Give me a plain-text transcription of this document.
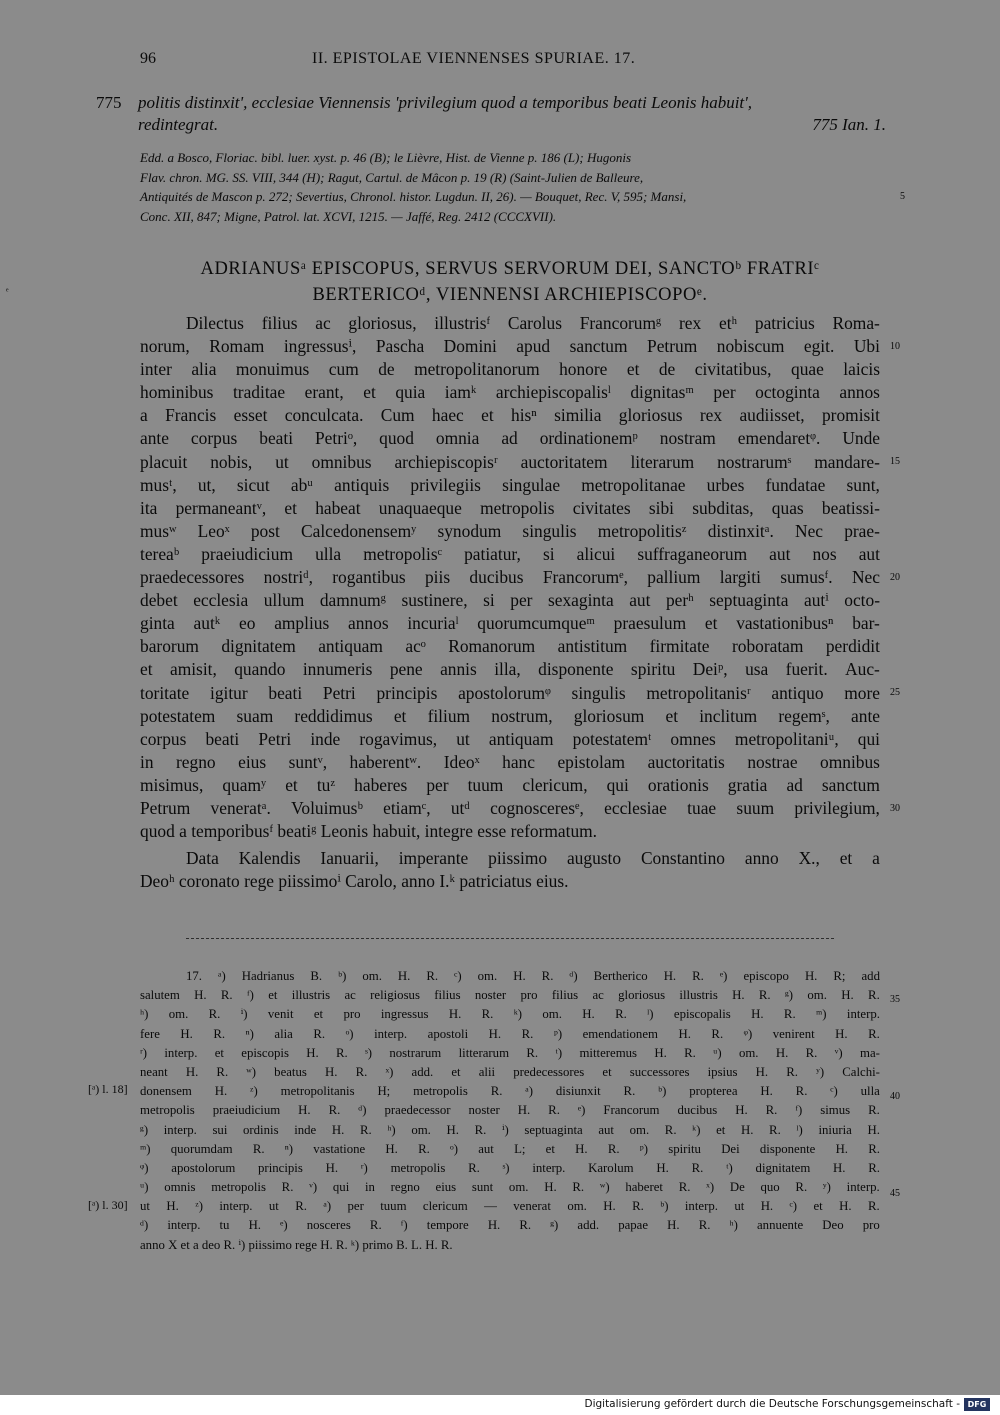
96	II. EPISTOLAE VIENNENSES SPURIAE. 17.
775 politis distinxit', ecclesiae Viennensis 'privilegium quod a temporibus beati Leonis habuit',
redintegrat.	775 Ian. 1.
Edd. a Bosco, Floriac. bibl. luer. xyst. p. 46 (B); le Lièvre, Hist. de Vienne p. 186 (L); Hugonis
Flav. chron. MG. SS. VIII, 344 (H); Ragut, Cartul. de Mâcon p. 19 (R) (Saint-Julien de Balleure,
Antiquités de Mascon p. 272; Severtius, Chronol. histor. Lugdun. II, 26). — Bouquet, Rec. V, 595; Mansi,
Conc. XII, 847; Migne, Patrol. lat. XCVI, 1215. — Jaffé, Reg. 2412 (CCCXVII).
5
ADRIANUSᵃ EPISCOPUS, SERVUS SERVORUM DEI, SANCTOᵇ FRATRIᶜ
BERTERICOᵈ, VIENNENSI ARCHIEPISCOPOᵉ.
ᵉ
Dilectus filius ac gloriosus, illustrisᶠ Carolus Francorumᵍ rex etʰ patricius Roma-
norum, Romam ingressusⁱ, Pascha Domini apud sanctum Petrum nobiscum egit. Ubi
inter alia monuimus cum de metropolitanorum honore et de civitatibus, quae laicis
hominibus traditae erant, et quia iamᵏ archiepiscopalisˡ dignitasᵐ per octoginta annos
a Francis esset conculcata. Cum haec et hisⁿ similia gloriosus rex audiisset, promisit
ante corpus beati Petriᵒ, quod omnia ad ordinationemᵖ nostram emendaretᵠ. Unde
placuit nobis, ut omnibus archiepiscopisʳ auctoritatem literarum nostrarumˢ mandare-
musᵗ, ut, sicut abᵘ antiquis privilegiis singulae metropolitanae urbes fundatae sunt,
ita permaneantᵛ, et habeat unaquaeque metropolis civitates sibi subditas, quas beatissi-
musʷ Leoˣ post Calcedonensemʸ synodum singulis metropolitisᶻ distinxitᵃ. Nec prae-
tereaᵇ praeiudicium ulla metropolisᶜ patiatur, si alicui suffraganeorum aut nos aut
praedecessores nostriᵈ, rogantibus piis ducibus Francorumᵉ, pallium largiti sumusᶠ. Nec
debet ecclesia ullum damnumᵍ sustinere, si per sexaginta aut perʰ septuaginta autⁱ octo-
ginta autᵏ eo amplius annos incuriaˡ quorumcumqueᵐ praesulum et vastationibusⁿ bar-
barorum dignitatem antiquam acᵒ Romanorum antistitum firmitate roboratam perdidit
et amisit, quando innumeris pene annis illa, disponente spiritu Deiᵖ, usa fuerit. Auc-
toritate igitur beati Petri principis apostolorumᵠ singulis metropolitanisʳ antiquo more
potestatem suam reddidimus et filium nostrum, gloriosum et inclitum regemˢ, ante
corpus beati Petri inde rogavimus, ut antiquam potestatemᵗ omnes metropolitaniᵘ, qui
in regno eius suntᵛ, haberentʷ. Ideoˣ hanc epistolam auctoritatis nostrae omnibus
misimus, quamʸ et tuᶻ haberes per tuum clericum, qui orationis gratia ad sanctum
Petrum veneratᵃ. Voluimusᵇ etiamᶜ, utᵈ cognosceresᵉ, ecclesiae tuae suum privilegium,
quod a temporibusᶠ beatiᵍ Leonis habuit, integre esse reformatum.
Data Kalendis Ianuarii, imperante piissimo augusto Constantino anno X., et a
Deoʰ coronato rege piissimoⁱ Carolo, anno I.ᵏ patriciatus eius.
10
15
20
25
30
17. ᵃ) Hadrianus B. ᵇ) om. H. R. ᶜ) om. H. R. ᵈ) Bertherico H. R. ᵉ) episcopo H. R; add
salutem H. R. ᶠ) et illustris ac religiosus filius noster pro filius ac gloriosus illustris H. R. ᵍ) om. H. R.
ʰ) om. R. ⁱ) venit et pro ingressus H. R. ᵏ) om. H. R. ˡ) episcopalis H. R. ᵐ) interp.
fere H. R. ⁿ) alia R. ᵒ) interp. apostoli H. R. ᵖ) emendationem H. R. ᵠ) venirent H. R.
ʳ) interp. et episcopis H. R. ˢ) nostrarum litterarum R. ᵗ) mitteremus H. R. ᵘ) om. H. R. ᵛ) ma-
neant H. R. ʷ) beatus H. R. ˣ) add. et alii predecessores et successores ipsius H. R. ʸ) Calchi-
donensem H. ᶻ) metropolitanis H; metropolis R. ᵃ) disiunxit R. ᵇ) propterea H. R. ᶜ) ulla
metropolis praeiudicium H. R. ᵈ) praedecessor noster H. R. ᵉ) Francorum ducibus H. R. ᶠ) simus R.
ᵍ) interp. sui ordinis inde H. R. ʰ) om. H. R. ⁱ) septuaginta aut om. R. ᵏ) et H. R. ˡ) iniuria H.
ᵐ) quorumdam R. ⁿ) vastatione H. R. ᵒ) aut L; et H. R. ᵖ) spiritu Dei disponente H. R.
ᵠ) apostolorum principis H. ʳ) metropolis R. ˢ) interp. Karolum H. R. ᵗ) dignitatem H. R.
ᵘ) omnis metropolis R. ᵛ) qui in regno eius sunt om. H. R. ʷ) haberet R. ˣ) De quo R. ʸ) interp.
ut H. ᶻ) interp. ut R. ᵃ) per tuum clericum — venerat om. H. R. ᵇ) interp. ut H. ᶜ) et H. R.
ᵈ) interp. tu H. ᵉ) nosceres R. ᶠ) tempore H. R. ᵍ) add. papae H. R. ʰ) annuente Deo pro
anno X et a deo R. ⁱ) piissimo rege H. R. ᵏ) primo B. L. H. R.
35
40
45
[ᵃ) l. 18]
[ᵃ) l. 30]
Digitalisierung gefördert durch die Deutsche Forschungsgemeinschaft - DFG
